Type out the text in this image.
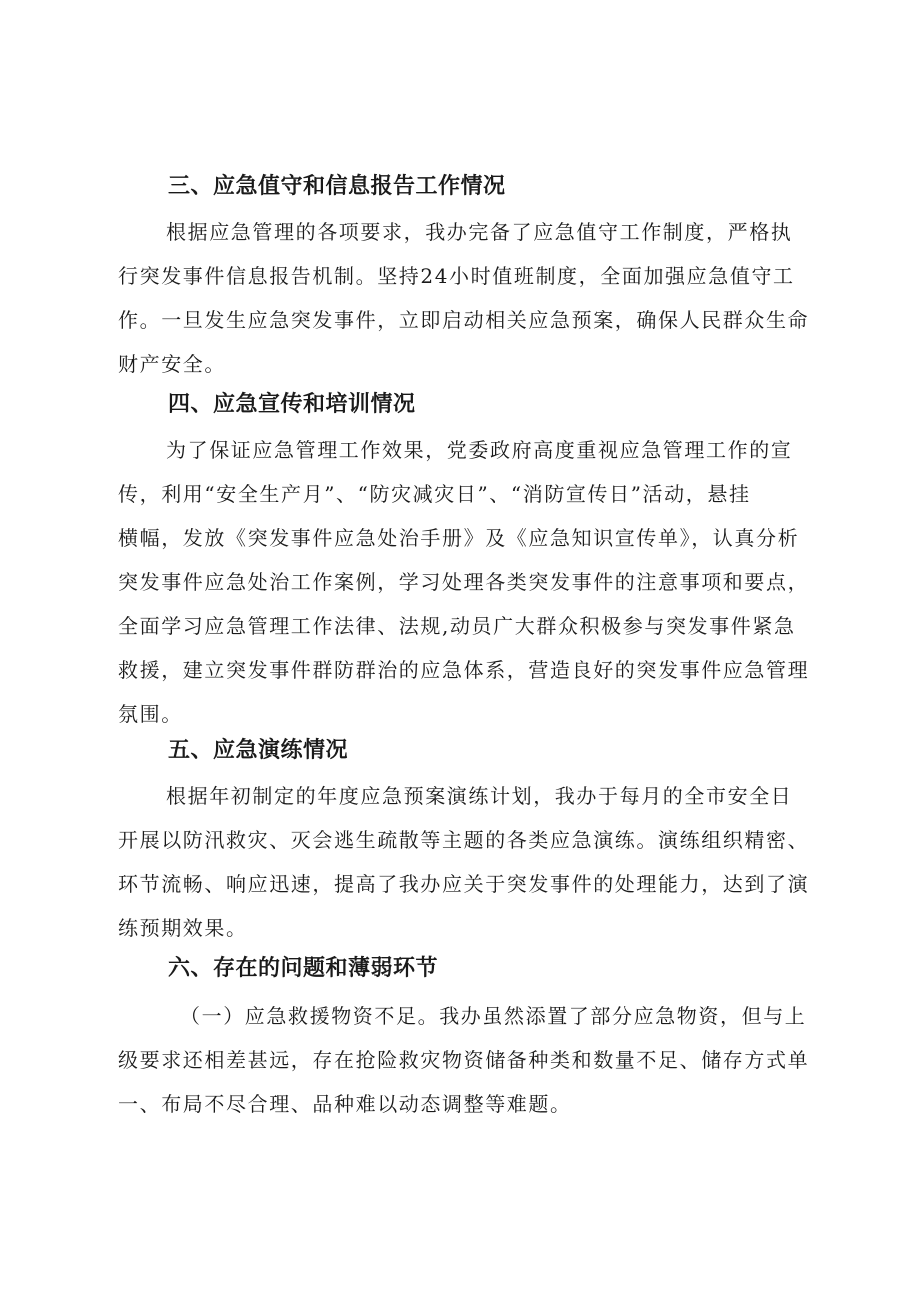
三、应急值守和信息报告工作情况
根据应急管理的各项要求，我办完备了应急值守工作制度，严格执
行突发事件信息报告机制。坚持24小时值班制度，全面加强应急值守工
作。一旦发生应急突发事件，立即启动相关应急预案，确保人民群众生命
财产安全。
四、应急宣传和培训情况
为了保证应急管理工作效果，党委政府高度重视应急管理工作的宣
传，利用“安全生产月”、“防灾减灾日”、“消防宣传日”活动，悬挂
横幅，发放《突发事件应急处治手册》及《应急知识宣传单》，认真分析
突发事件应急处治工作案例，学习处理各类突发事件的注意事项和要点，
全面学习应急管理工作法律、法规,动员广大群众积极参与突发事件紧急
救援，建立突发事件群防群治的应急体系，营造良好的突发事件应急管理
氛围。
五、应急演练情况
根据年初制定的年度应急预案演练计划，我办于每月的全市安全日
开展以防汛救灾、灭会逃生疏散等主题的各类应急演练。演练组织精密、
环节流畅、响应迅速，提高了我办应关于突发事件的处理能力，达到了演
练预期效果。
六、存在的问题和薄弱环节
（一）应急救援物资不足。我办虽然添置了部分应急物资，但与上
级要求还相差甚远，存在抢险救灾物资储备种类和数量不足、储存方式单
一、布局不尽合理、品种难以动态调整等难题。
